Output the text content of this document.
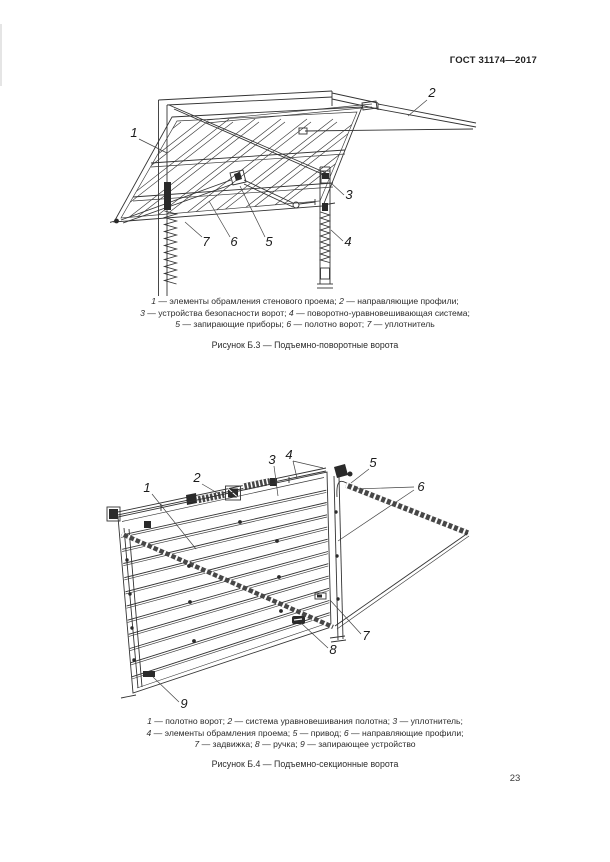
ГОСТ 31174—2017
1
2
3
4
5
6
7
1 — элементы обрамления стенового проема; 2 — направляющие профили;
3 — устройства безопасности ворот; 4 — поворотно-уравновешивающая система;
5 — запирающие приборы; 6 — полотно ворот; 7 — уплотнитель
Рисунок Б.3 — Подъемно-поворотные ворота
1
2
3 4
5
6
7
8
9
1 — полотно ворот; 2 — система уравновешивания полотна; 3 — уплотнитель;
4 — элементы обрамления проема; 5 — привод; 6 — направляющие профили;
7 — задвижка; 8 — ручка; 9 — запирающее устройство
Рисунок Б.4 — Подъемно-секционные ворота
23
